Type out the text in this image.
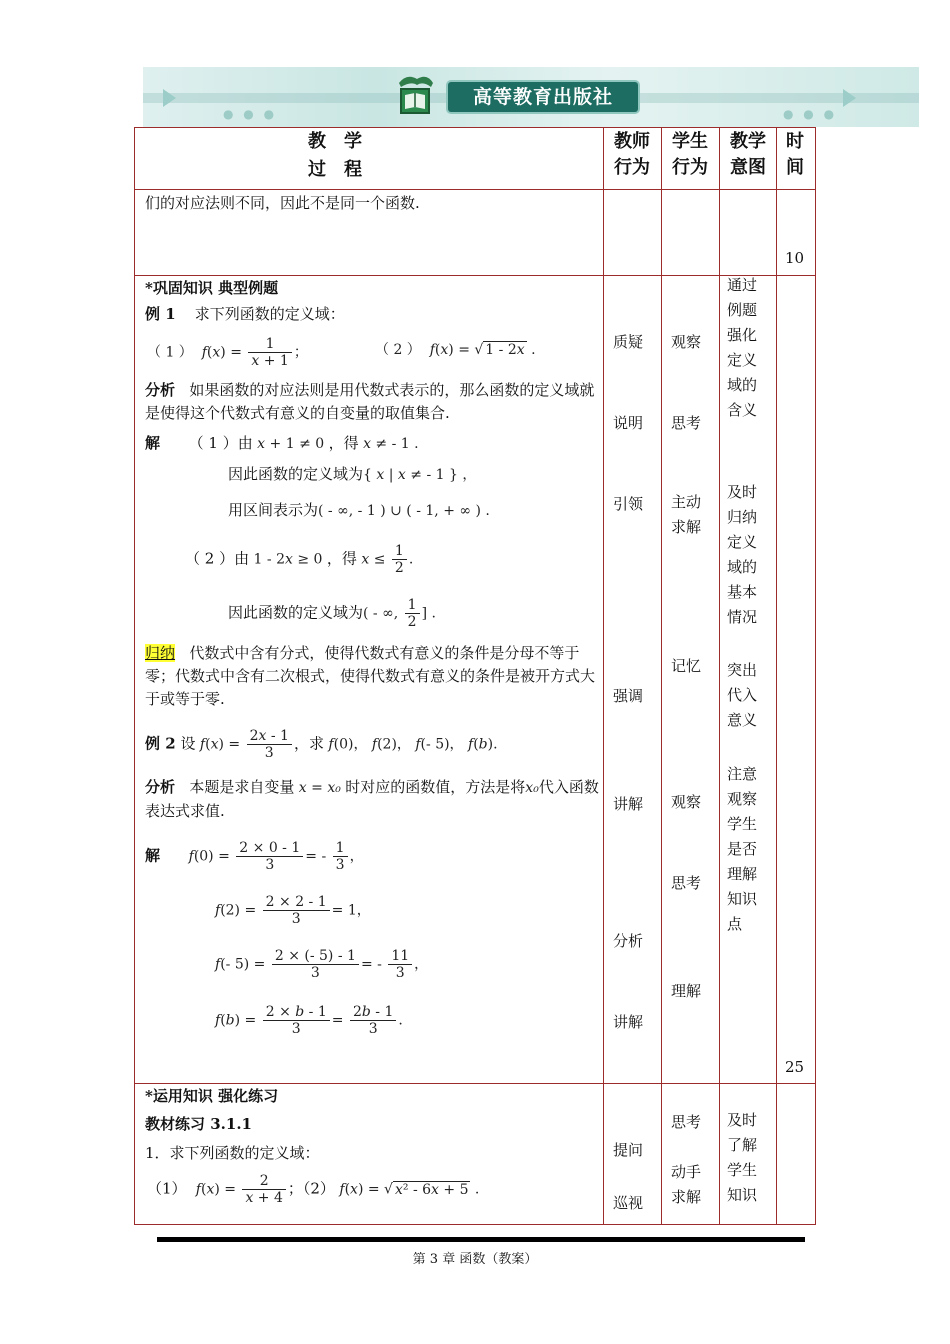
● ● ●	● ● ●
高等教育出版社
教　学
过　程
教师行为
学生行为
教学意图
时间
们的对应法则不同，因此不是同一个函数.
10
*巩固知识 典型例题
例 1 求下列函数的定义域：
（ 1 ）  $f(x) = \frac{1}{x + 1}$ ；	（ 2 ）  f(x) = √ 1 - 2x .
分析 如果函数的对应法则是用代数式表示的，那么函数的定义域就是使得这个代数式有意义的自变量的取值集合.
解 （ 1 ）由 x + 1 ≠ 0 ，得 x ≠ - 1 .
因此函数的定义域为{ x | x ≠ - 1 } ，
用区间表示为( - ∞, - 1 ) ∪ ( - 1, + ∞ ) .
（ 2 ）由 1 - 2x ≥ 0 ，得 $x \le \frac{1}{2}$ .
因此函数的定义域为( - ∞, $\frac{1}{2}$ ] .
归纳 代数式中含有分式，使得代数式有意义的条件是分母不等于零；代数式中含有二次根式，使得代数式有意义的条件是被开方式大于或等于零.
例 2 设 $f(x) = \frac{2x - 1}{3}$ ，求 f(0)， f(2)， f(- 5)， f(b).
分析 本题是求自变量 x = x₀ 时对应的函数值，方法是将x₀代入函数表达式求值.
解 $f(0) = \frac{2 \times 0 - 1}{3}$ = - $\frac{1}{3}$ ，
$f(2) = \frac{2 \times 2 - 1}{3} = 1$，
f(- $5) = \frac{2 \times (- 5) - 1}{3}$ = - $\frac{11}{3}$ ，
$f(b) = \frac{2 \times b - 1}{3} = \frac{2b - 1}{3}$ .
质疑
说明
引领
强调
讲解
分析
讲解
观察
思考
主动求解
记忆
观察
思考
理解
通过例题强化定义域的含义
及时归纳定义域的基本情况
突出代入意义
注意观察学生是否理解知识点
25
*运用知识 强化练习
教材练习 3.1.1
1．求下列函数的定义域：
（1） $f(x) = \frac{2}{x + 4}$ ；（2） f(x) = √ x² - 6x + 5 .
提问
巡视
思考
动手求解
及时了解学生知识
第 3 章 函数（教案）
